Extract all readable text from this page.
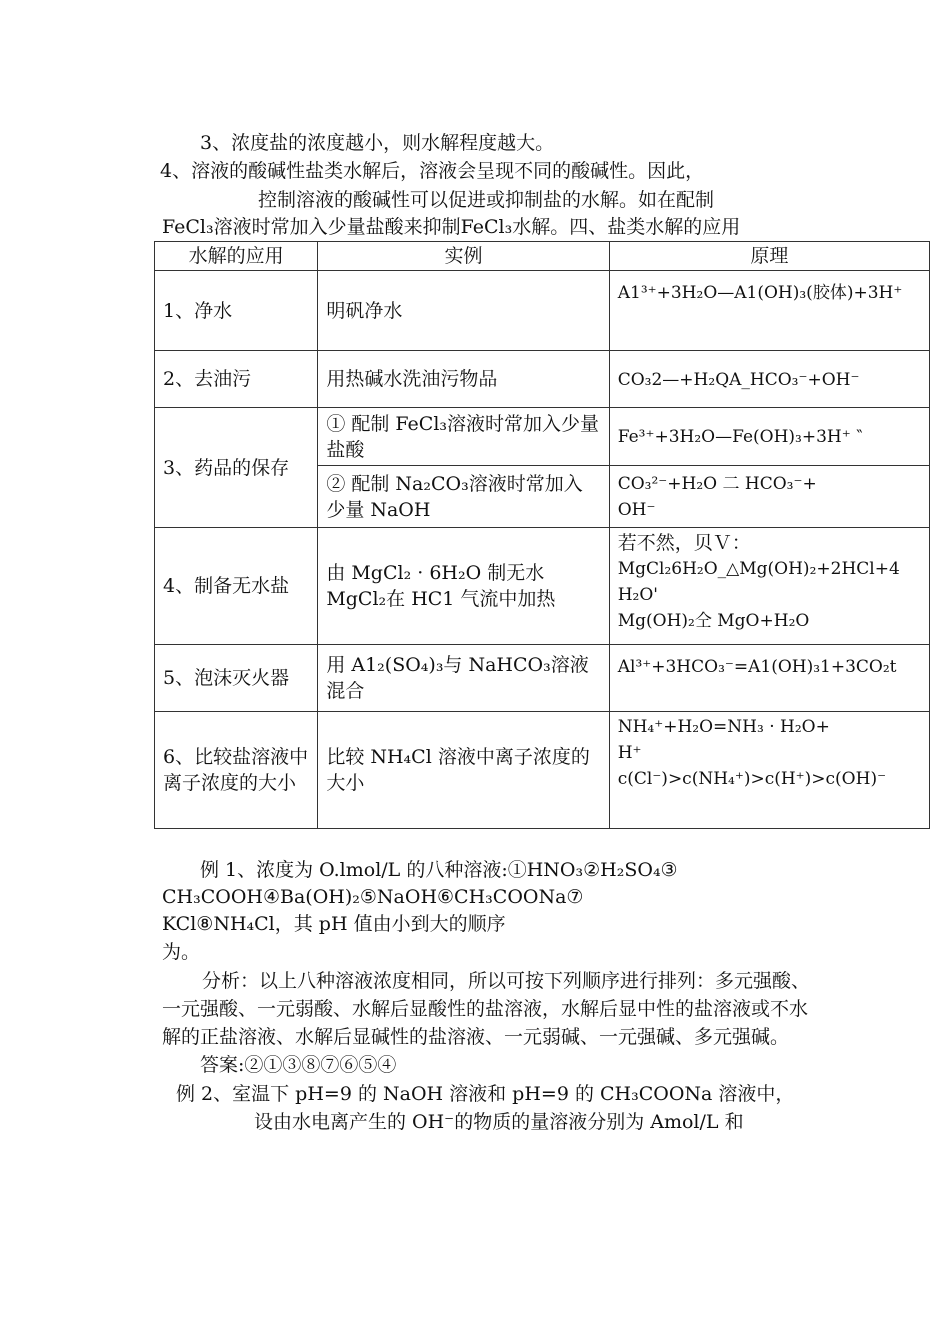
3、浓度盐的浓度越小，则水解程度越大。
4、溶液的酸碱性盐类水解后，溶液会呈现不同的酸碱性。因此，
控制溶液的酸碱性可以促进或抑制盐的水解。如在配制
FeCl₃溶液时常加入少量盐酸来抑制FeCl₃水解。四、盐类水解的应用
水解的应用	实例	原理
1、净水	明矾净水	A1³⁺+3H₂O—A1(OH)₃(胶体)+3H⁺
2、去油污	用热碱水洗油污物品	CO₃2—+H₂QA_HCO₃⁻+OH⁻
3、药品的保存	① 配制 FeCl₃溶液时常加入少量盐酸	Fe³⁺+3H₂O—Fe(OH)₃+3H⁺ ‶
	② 配制 Na₂CO₃溶液时常加入少量 NaOH	CO₃²⁻+H₂O 二 HCO₃⁻+
OH⁻

4、制备无水盐	由 MgCl₂ · 6H₂O 制无水 MgCl₂在 HC1 气流中加热	若不然，贝Ｖ：
MgCl₂6H₂O_△Mg(OH)₂+2HCl+4
H₂O'
Mg(OH)₂仝 MgO+H₂O

5、泡沫灭火器	用 A1₂(SO₄)₃与 NaHCO₃溶液混合	Al³⁺+3HCO₃⁻=A1(OH)₃1+3CO₂t
6、比较盐溶液中离子浓度的大小	比较 NH₄Cl 溶液中离子浓度的大小	NH₄⁺+H₂O=NH₃ · H₂O+
H⁺
c(Cl⁻)>c(NH₄⁺)>c(H⁺)>c(OH)⁻
例 1、浓度为 O.lmol/L 的八种溶液:①HNO₃②H₂SO₄③
CH₃COOH④Ba(OH)₂⑤NaOH⑥CH₃COONa⑦
KCl⑧NH₄Cl，其 pH 值由小到大的顺序
为。
分析：以上八种溶液浓度相同，所以可按下列顺序进行排列：多元强酸、
一元强酸、一元弱酸、水解后显酸性的盐溶液，水解后显中性的盐溶液或不水
解的正盐溶液、水解后显碱性的盐溶液、一元弱碱、一元强碱、多元强碱。
答案:②①③⑧⑦⑥⑤④
例 2、室温下 pH=9 的 NaOH 溶液和 pH=9 的 CH₃COONa 溶液中，
设由水电离产生的 OH⁻的物质的量溶液分别为 Amol/L 和
